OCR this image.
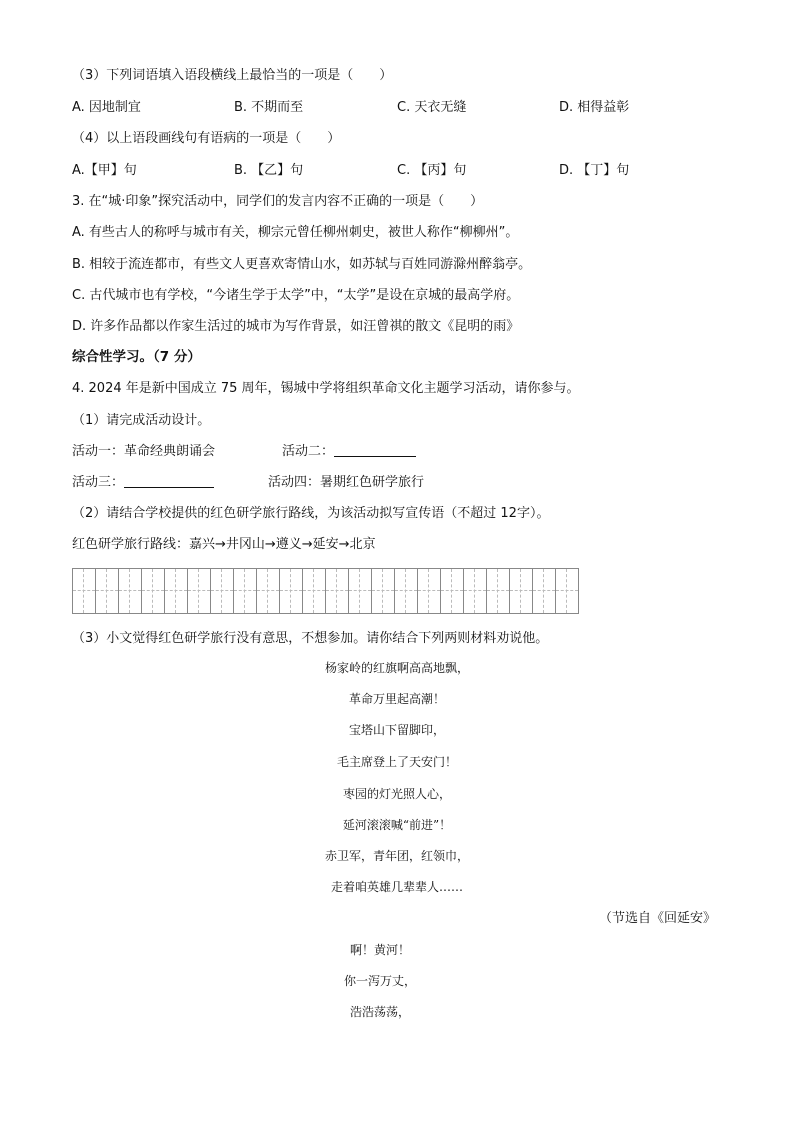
（3）下列词语填入语段横线上最恰当的一项是（　　）
A. 因地制宜	B. 不期而至	C. 天衣无缝	D. 相得益彰
（4）以上语段画线句有语病的一项是（　　）
A.【甲】句	B. 【乙】句	C. 【丙】句	D. 【丁】句
3. 在“城·印象”探究活动中，同学们的发言内容不正确的一项是（　　）
A. 有些古人的称呼与城市有关，柳宗元曾任柳州刺史，被世人称作“柳柳州”。
B. 相较于流连都市，有些文人更喜欢寄情山水，如苏轼与百姓同游滁州醉翁亭。
C. 古代城市也有学校，“今诸生学于太学”中，“太学”是设在京城的最高学府。
D. 许多作品都以作家生活过的城市为写作背景，如汪曾祺的散文《昆明的雨》
综合性学习。（7 分）
4. 2024 年是新中国成立 75 周年，锡城中学将组织革命文化主题学习活动，请你参与。
（1）请完成活动设计。
活动一：革命经典朗诵会	活动二：
活动三：	活动四：暑期红色研学旅行
（2）请结合学校提供的红色研学旅行路线，为该活动拟写宣传语（不超过 12字）。
红色研学旅行路线：嘉兴→井冈山→遵义→延安→北京
（3）小文觉得红色研学旅行没有意思，不想参加。请你结合下列两则材料劝说他。
杨家岭的红旗啊高高地飘，
革命万里起高潮！
宝塔山下留脚印，
毛主席登上了天安门！
枣园的灯光照人心，
延河滚滚喊“前进”！
赤卫军，青年团，红领巾，
走着咱英雄几辈辈人……
（节选自《回延安》
啊！黄河！
你一泻万丈，
浩浩荡荡，
